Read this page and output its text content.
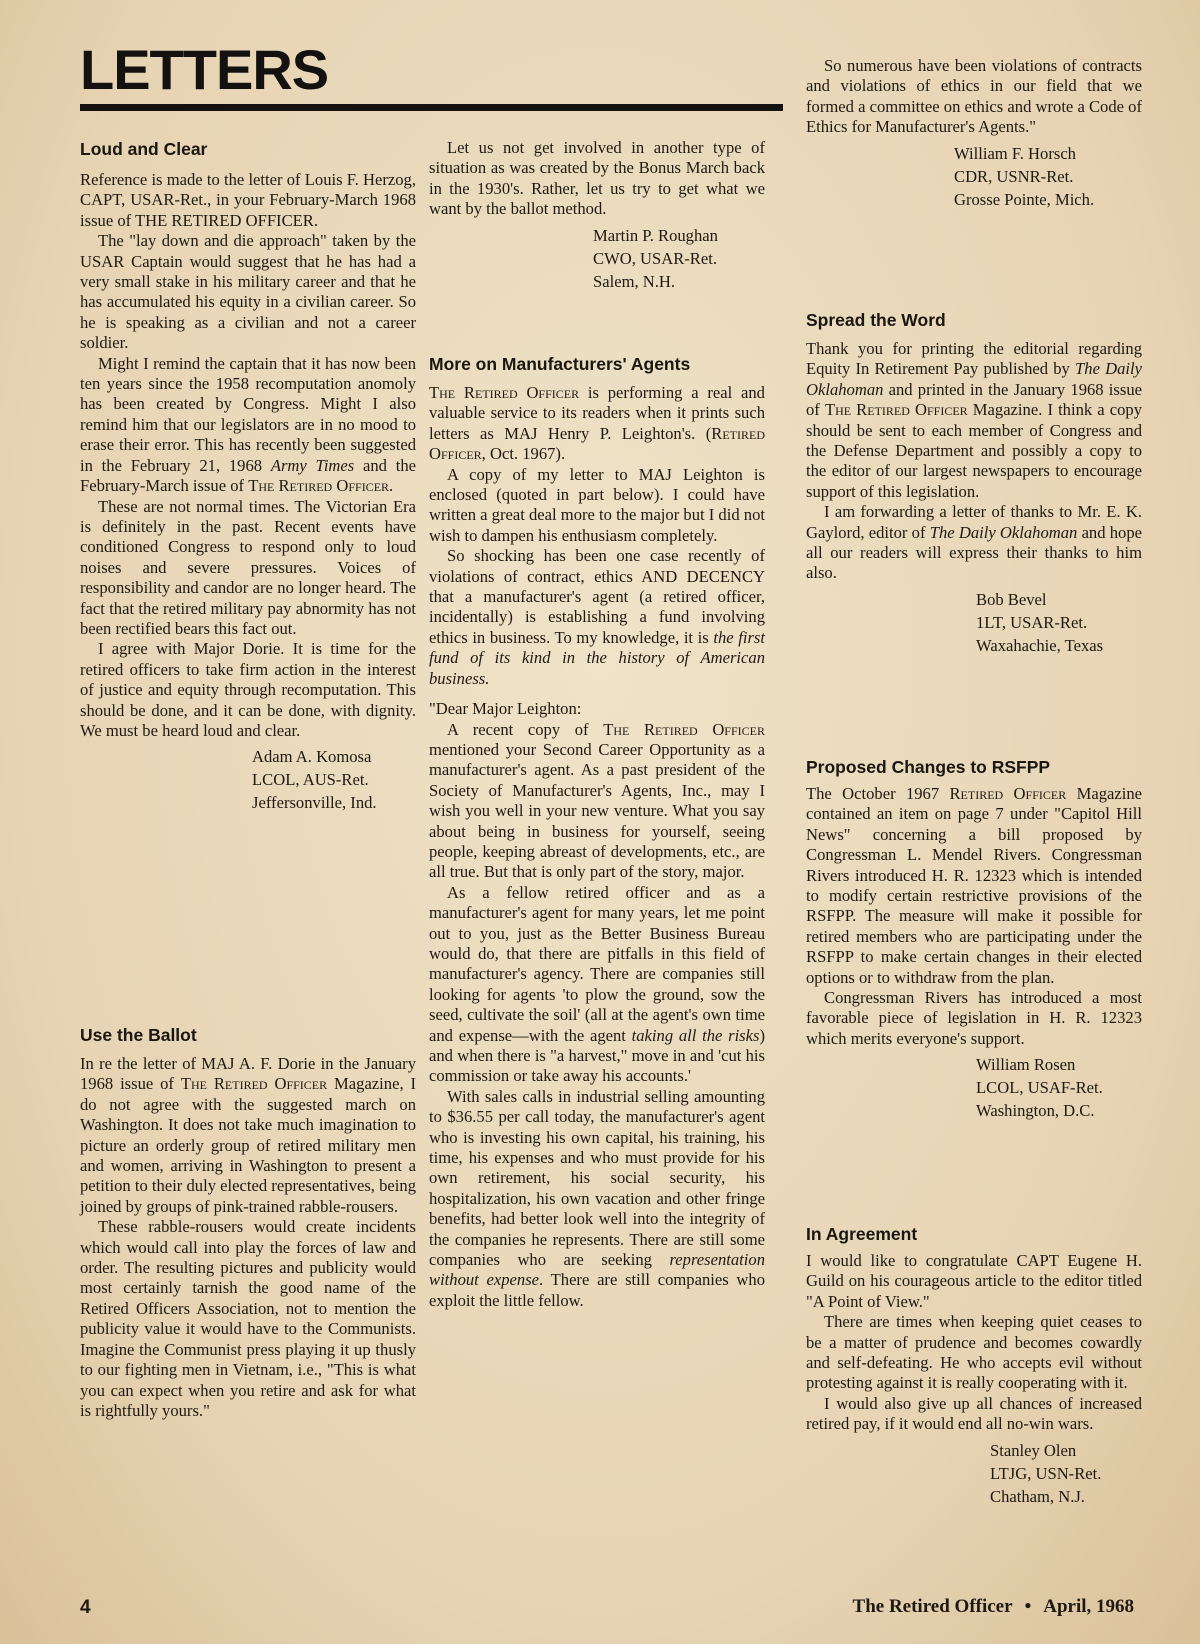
LETTERS
Loud and Clear

Reference is made to the letter of Louis F. Herzog, CAPT, USAR-Ret., in your February-March 1968 issue of THE RETIRED OFFICER.

The "lay down and die approach" taken by the USAR Captain would suggest that he has had a very small stake in his military career and that he has accumulated his equity in a civilian career. So he is speaking as a civilian and not a career soldier.

Might I remind the captain that it has now been ten years since the 1958 recomputation anomoly has been created by Congress. Might I also remind him that our legislators are in no mood to erase their error. This has recently been suggested in the February 21, 1968 Army Times and the February-March issue of The Retired Officer.

These are not normal times. The Victorian Era is definitely in the past. Recent events have conditioned Congress to respond only to loud noises and severe pressures. Voices of responsibility and candor are no longer heard. The fact that the retired military pay abnormity has not been rectified bears this fact out.

I agree with Major Dorie. It is time for the retired officers to take firm action in the interest of justice and equity through recomputation. This should be done, and it can be done, with dignity. We must be heard loud and clear.

Adam A. Komosa
LCOL, AUS-Ret.
Jeffersonville, Ind.
Use the Ballot

In re the letter of MAJ A. F. Dorie in the January 1968 issue of The Retired Officer Magazine, I do not agree with the suggested march on Washington. It does not take much imagination to picture an orderly group of retired military men and women, arriving in Washington to present a petition to their duly elected representatives, being joined by groups of pink-trained rabble-rousers.

These rabble-rousers would create incidents which would call into play the forces of law and order. The resulting pictures and publicity would most certainly tarnish the good name of the Retired Officers Association, not to mention the publicity value it would have to the Communists. Imagine the Communist press playing it up thusly to our fighting men in Vietnam, i.e., "This is what you can expect when you retire and ask for what is rightfully yours."

Let us not get involved in another type of situation as was created by the Bonus March back in the 1930's. Rather, let us try to get what we want by the ballot method.

Martin P. Roughan
CWO, USAR-Ret.
Salem, N.H.
More on Manufacturers' Agents

The Retired Officer is performing a real and valuable service to its readers when it prints such letters as MAJ Henry P. Leighton's. (Retired Officer, Oct. 1967).

A copy of my letter to MAJ Leighton is enclosed (quoted in part below). I could have written a great deal more to the major but I did not wish to dampen his enthusiasm completely.

So shocking has been one case recently of violations of contract, ethics AND DECENCY that a manufacturer's agent (a retired officer, incidentally) is establishing a fund involving ethics in business. To my knowledge, it is the first fund of its kind in the history of American business.

"Dear Major Leighton:

A recent copy of The Retired Officer mentioned your Second Career Opportunity as a manufacturer's agent. As a past president of the Society of Manufacturer's Agents, Inc., may I wish you well in your new venture. What you say about being in business for yourself, seeing people, keeping abreast of developments, etc., are all true. But that is only part of the story, major.

As a fellow retired officer and as a manufacturer's agent for many years, let me point out to you, just as the Better Business Bureau would do, that there are pitfalls in this field of manufacturer's agency. There are companies still looking for agents 'to plow the ground, sow the seed, cultivate the soil' (all at the agent's own time and expense—with the agent taking all the risks) and when there is "a harvest," move in and 'cut his commission or take away his accounts.'

With sales calls in industrial selling amounting to $36.55 per call today, the manufacturer's agent who is investing his own capital, his training, his time, his expenses and who must provide for his own retirement, his social security, his hospitalization, his own vacation and other fringe benefits, had better look well into the integrity of the companies he represents. There are still some companies who are seeking representation without expense. There are still companies who exploit the little fellow.

So numerous have been violations of contracts and violations of ethics in our field that we formed a committee on ethics and wrote a Code of Ethics for Manufacturer's Agents."

William F. Horsch
CDR, USNR-Ret.
Grosse Pointe, Mich.
Spread the Word

Thank you for printing the editorial regarding Equity In Retirement Pay published by The Daily Oklahoman and printed in the January 1968 issue of The Retired Officer Magazine. I think a copy should be sent to each member of Congress and the Defense Department and possibly a copy to the editor of our largest newspapers to encourage support of this legislation.

I am forwarding a letter of thanks to Mr. E. K. Gaylord, editor of The Daily Oklahoman and hope all our readers will express their thanks to him also.

Bob Bevel
1LT, USAR-Ret.
Waxahachie, Texas
Proposed Changes to RSFPP

The October 1967 Retired Officer Magazine contained an item on page 7 under "Capitol Hill News" concerning a bill proposed by Congressman L. Mendel Rivers. Congressman Rivers introduced H. R. 12323 which is intended to modify certain restrictive provisions of the RSFPP. The measure will make it possible for retired members who are participating under the RSFPP to make certain changes in their elected options or to withdraw from the plan.

Congressman Rivers has introduced a most favorable piece of legislation in H. R. 12323 which merits everyone's support.

William Rosen
LCOL, USAF-Ret.
Washington, D.C.
In Agreement

I would like to congratulate CAPT Eugene H. Guild on his courageous article to the editor titled "A Point of View."

There are times when keeping quiet ceases to be a matter of prudence and becomes cowardly and self-defeating. He who accepts evil without protesting against it is really cooperating with it.

I would also give up all chances of increased retired pay, if it would end all no-win wars.

Stanley Olen
LTJG, USN-Ret.
Chatham, N.J.
4	The Retired Officer • April, 1968
